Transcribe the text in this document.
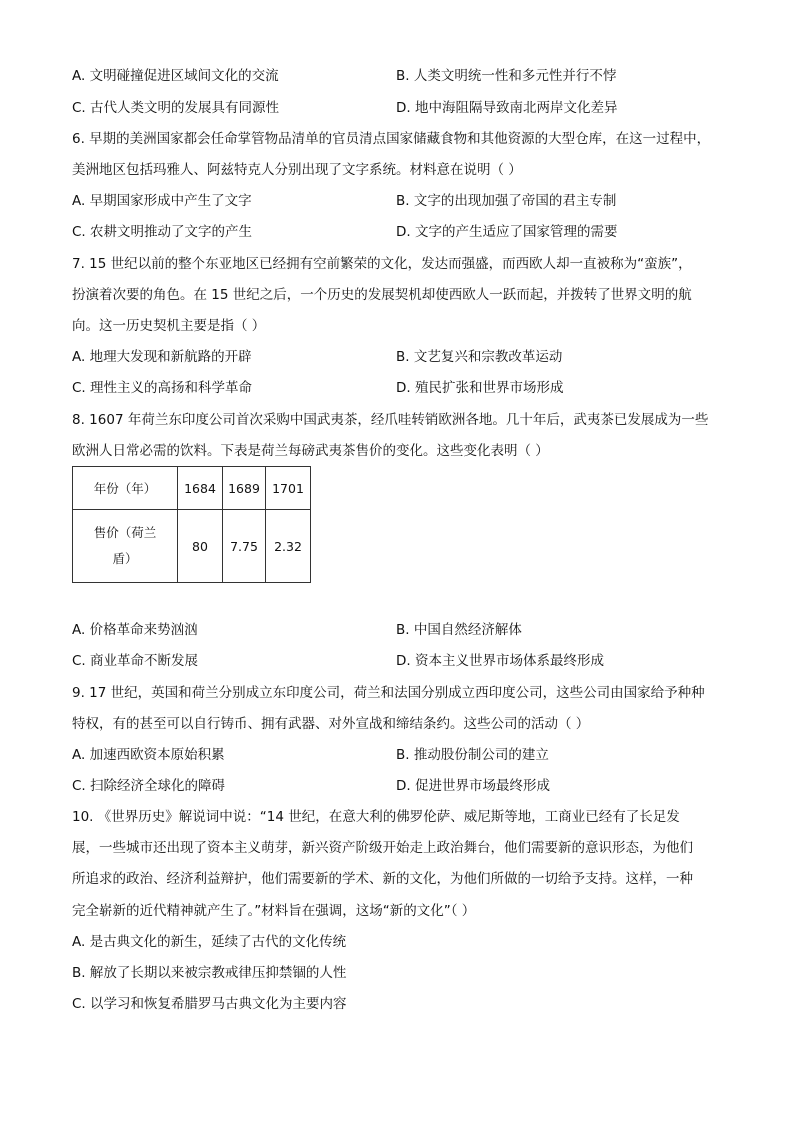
A. 文明碰撞促进区域间文化的交流	B. 人类文明统一性和多元性并行不悖
C. 古代人类文明的发展具有同源性	D. 地中海阻隔导致南北两岸文化差异
6. 早期的美洲国家都会任命掌管物品清单的官员清点国家储藏食物和其他资源的大型仓库，在这一过程中，
美洲地区包括玛雅人、阿兹特克人分别出现了文字系统。材料意在说明（ ）
A. 早期国家形成中产生了文字	B. 文字的出现加强了帝国的君主专制
C. 农耕文明推动了文字的产生	D. 文字的产生适应了国家管理的需要
7. 15 世纪以前的整个东亚地区已经拥有空前繁荣的文化，发达而强盛，而西欧人却一直被称为“蛮族”，
扮演着次要的角色。在 15 世纪之后，一个历史的发展契机却使西欧人一跃而起，并拨转了世界文明的航
向。这一历史契机主要是指（ ）
A. 地理大发现和新航路的开辟	B. 文艺复兴和宗教改革运动
C. 理性主义的高扬和科学革命	D. 殖民扩张和世界市场形成
8. 1607 年荷兰东印度公司首次采购中国武夷茶，经爪哇转销欧洲各地。几十年后，武夷茶已发展成为一些
欧洲人日常必需的饮料。下表是荷兰每磅武夷茶售价的变化。这些变化表明（ ）
年份（年）	1684	1689	1701

售价（荷兰
盾）	80	7.75	2.32
A. 价格革命来势汹汹	B. 中国自然经济解体
C. 商业革命不断发展	D. 资本主义世界市场体系最终形成
9. 17 世纪，英国和荷兰分别成立东印度公司，荷兰和法国分别成立西印度公司，这些公司由国家给予种种
特权，有的甚至可以自行铸币、拥有武器、对外宣战和缔结条约。这些公司的活动（ ）
A. 加速西欧资本原始积累	B. 推动股份制公司的建立
C. 扫除经济全球化的障碍	D. 促进世界市场最终形成
10. 《世界历史》解说词中说：“14 世纪，在意大利的佛罗伦萨、威尼斯等地，工商业已经有了长足发
展，一些城市还出现了资本主义萌芽，新兴资产阶级开始走上政治舞台，他们需要新的意识形态，为他们
所追求的政治、经济利益辩护，他们需要新的学术、新的文化，为他们所做的一切给予支持。这样，一种
完全崭新的近代精神就产生了。”材料旨在强调，这场“新的文化”（ ）
A. 是古典文化的新生，延续了古代的文化传统
B. 解放了长期以来被宗教戒律压抑禁锢的人性
C. 以学习和恢复希腊罗马古典文化为主要内容
